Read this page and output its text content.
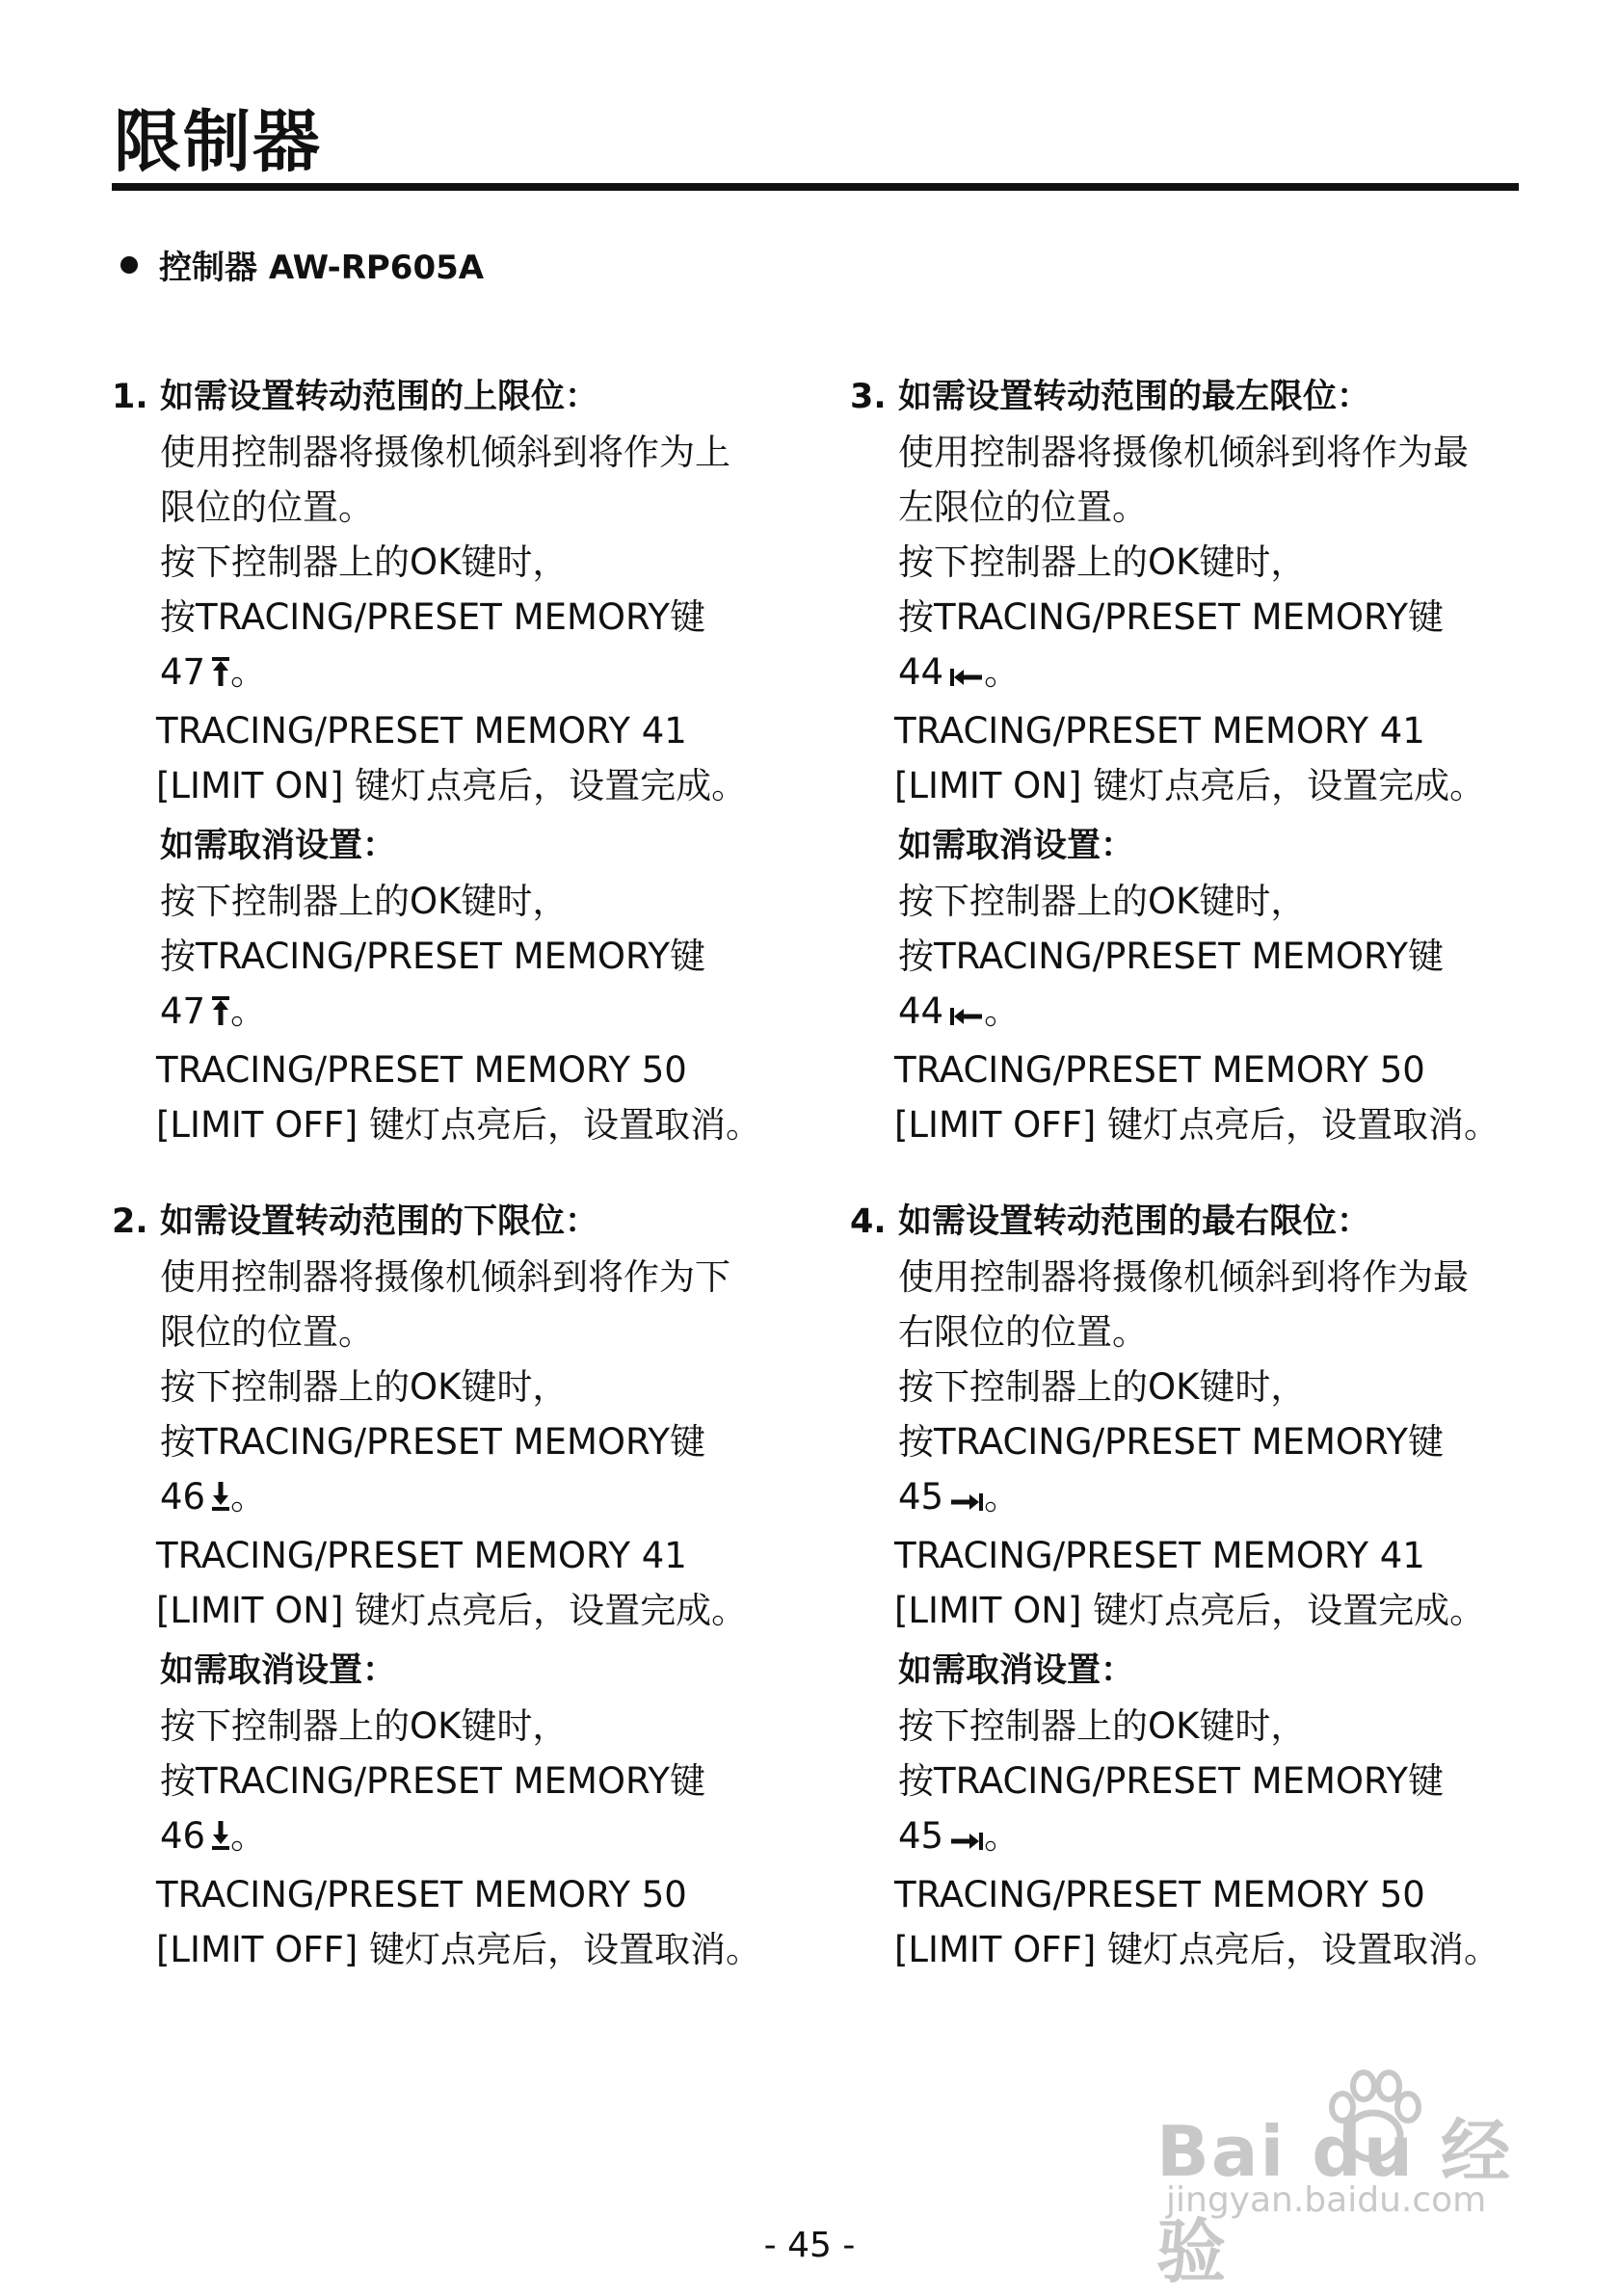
限制器
控制器 AW-RP605A
1. 如需设置转动范围的上限位：
使用控制器将摄像机倾斜到将作为上
限位的位置。
按下控制器上的OK键时，
按TRACING/PRESET MEMORY键
47 。
TRACING/PRESET MEMORY 41
[LIMIT ON] 键灯点亮后，设置完成。
如需取消设置：
按下控制器上的OK键时，
按TRACING/PRESET MEMORY键
47 。
TRACING/PRESET MEMORY 50
[LIMIT OFF] 键灯点亮后，设置取消。
2. 如需设置转动范围的下限位：
使用控制器将摄像机倾斜到将作为下
限位的位置。
按下控制器上的OK键时，
按TRACING/PRESET MEMORY键
46 。
TRACING/PRESET MEMORY 41
[LIMIT ON] 键灯点亮后，设置完成。
如需取消设置：
按下控制器上的OK键时，
按TRACING/PRESET MEMORY键
46 。
TRACING/PRESET MEMORY 50
[LIMIT OFF] 键灯点亮后，设置取消。
3. 如需设置转动范围的最左限位：
使用控制器将摄像机倾斜到将作为最
左限位的位置。
按下控制器上的OK键时，
按TRACING/PRESET MEMORY键
44 。
TRACING/PRESET MEMORY 41
[LIMIT ON] 键灯点亮后，设置完成。
如需取消设置：
按下控制器上的OK键时，
按TRACING/PRESET MEMORY键
44 。
TRACING/PRESET MEMORY 50
[LIMIT OFF] 键灯点亮后，设置取消。
4. 如需设置转动范围的最右限位：
使用控制器将摄像机倾斜到将作为最
右限位的位置。
按下控制器上的OK键时，
按TRACING/PRESET MEMORY键
45 。
TRACING/PRESET MEMORY 41
[LIMIT ON] 键灯点亮后，设置完成。
如需取消设置：
按下控制器上的OK键时，
按TRACING/PRESET MEMORY键
45 。
TRACING/PRESET MEMORY 50
[LIMIT OFF] 键灯点亮后，设置取消。
Bai du 经验
jingyan.baidu.com
- 45 -
